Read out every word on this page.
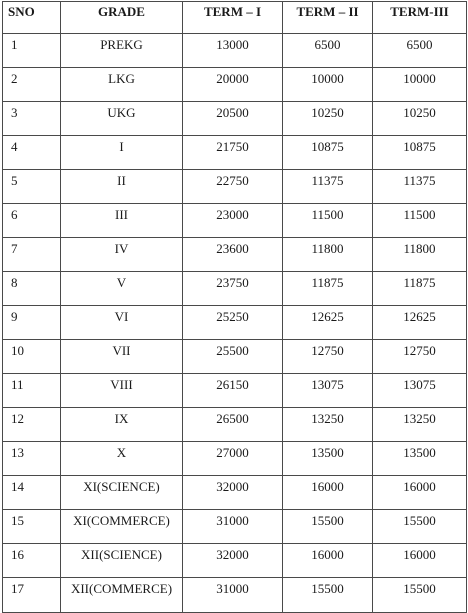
SNO	GRADE	TERM – I	TERM – II	TERM-III
1	PREKG	13000	6500	6500
2	LKG	20000	10000	10000
3	UKG	20500	10250	10250
4	I	21750	10875	10875
5	II	22750	11375	11375
6	III	23000	11500	11500
7	IV	23600	11800	11800
8	V	23750	11875	11875
9	VI	25250	12625	12625
10	VII	25500	12750	12750
11	VIII	26150	13075	13075
12	IX	26500	13250	13250
13	X	27000	13500	13500
14	XI(SCIENCE)	32000	16000	16000
15	XI(COMMERCE)	31000	15500	15500
16	XII(SCIENCE)	32000	16000	16000
17	XII(COMMERCE)	31000	15500	15500
